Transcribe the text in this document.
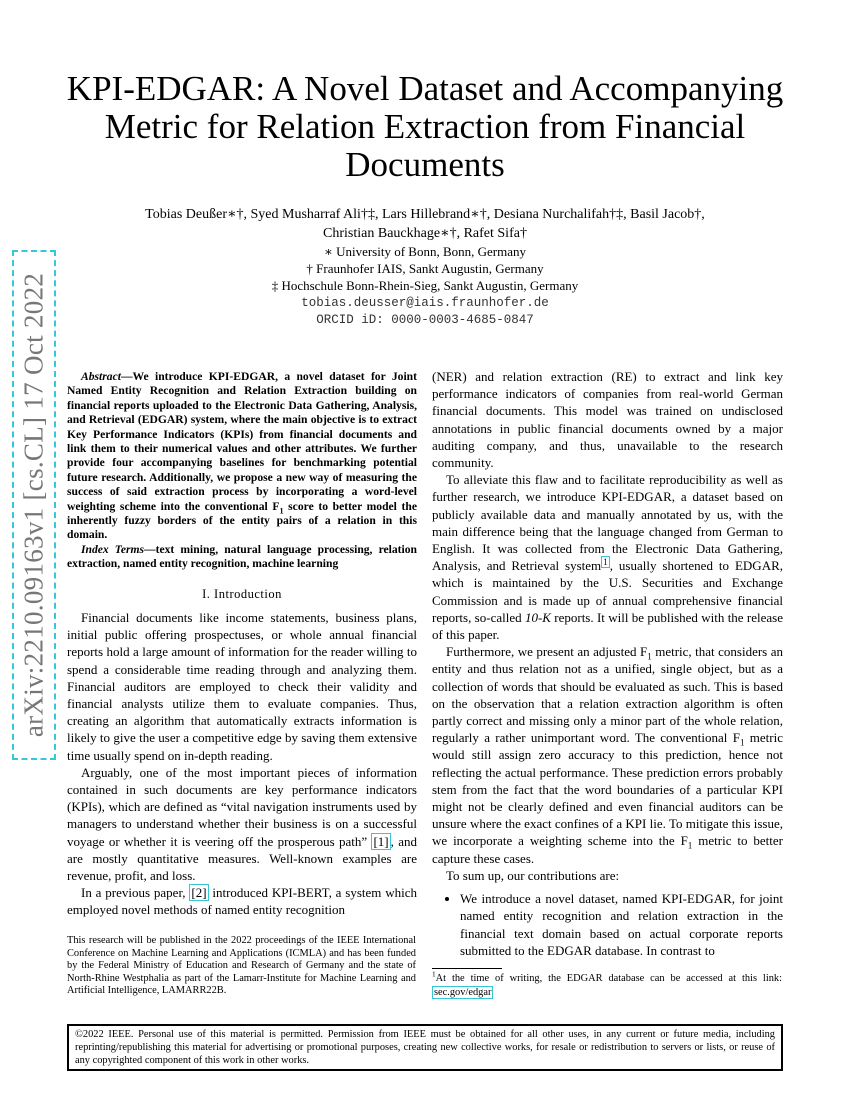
KPI-EDGAR: A Novel Dataset and Accompanying Metric for Relation Extraction from Financial Documents
Tobias Deußer∗†, Syed Musharraf Ali†‡, Lars Hillebrand∗†, Desiana Nurchalifah†‡, Basil Jacob†,
Christian Bauckhage∗†, Rafet Sifa†
∗ University of Bonn, Bonn, Germany
† Fraunhofer IAIS, Sankt Augustin, Germany
‡ Hochschule Bonn-Rhein-Sieg, Sankt Augustin, Germany
tobias.deusser@iais.fraunhofer.de
ORCID iD: 0000-0003-4685-0847
arXiv:2210.09163v1 [cs.CL] 17 Oct 2022	Abstract—We introduce KPI-EDGAR, a novel dataset for Joint Named Entity Recognition and Relation Extraction building on financial reports uploaded to the Electronic Data Gathering, Analysis, and Retrieval (EDGAR) system, where the main objective is to extract Key Performance Indicators (KPIs) from financial documents and link them to their numerical values and other attributes. We further provide four accompanying baselines for benchmarking potential future research. Additionally, we propose a new way of measuring the success of said extraction process by incorporating a word-level weighting scheme into the conventional $F_1$ score to better model the inherently fuzzy borders of the entity pairs of a relation in this domain.

Index Terms—text mining, natural language processing, relation extraction, named entity recognition, machine learning

I. Introduction

Financial documents like income statements, business plans, initial public offering prospectuses, or whole annual financial reports hold a large amount of information for the reader willing to spend a considerable time reading through and analyzing them. Financial auditors are employed to check their validity and financial analysts utilize them to evaluate companies. Thus, creating an algorithm that automatically extracts information is likely to give the user a competitive edge by saving them extensive time usually spend on in-depth reading.

Arguably, one of the most important pieces of information contained in such documents are key performance indicators (KPIs), which are defined as “vital navigation instruments used by managers to understand whether their business is on a successful voyage or whether it is veering off the prosperous path” [1] , and are mostly quantitative measures. Well-known examples are revenue, profit, and loss.

In a previous paper, [2] introduced KPI-BERT, a system which employed novel methods of named entity recognition

This research will be published in the 2022 proceedings of the IEEE International Conference on Machine Learning and Applications (ICMLA) and has been funded by the Federal Ministry of Education and Research of Germany and the state of North-Rhine Westphalia as part of the Lamarr-Institute for Machine Learning and Artificial Intelligence, LAMARR22B.

(NER) and relation extraction (RE) to extract and link key performance indicators of companies from real-world German financial documents. This model was trained on undisclosed annotations in public financial documents owned by a major auditing company, and thus, unavailable to the research community.

To alleviate this flaw and to facilitate reproducibility as well as further research, we introduce KPI-EDGAR, a dataset based on publicly available data and manually annotated by us, with the main difference being that the language changed from German to English. It was collected from the Electronic Data Gathering, Analysis, and Retrieval system $^1$ , usually shortened to EDGAR, which is maintained by the U.S. Securities and Exchange Commission and is made up of annual comprehensive financial reports, so-called 10-K reports. It will be published with the release of this paper.

Furthermore, we present an adjusted $F_1$ metric, that considers an entity and thus relation not as a unified, single object, but as a collection of words that should be evaluated as such. This is based on the observation that a relation extraction algorithm is often partly correct and missing only a minor part of the whole relation, regularly a rather unimportant word. The conventional $F_1$ metric would still assign zero accuracy to this prediction, hence not reflecting the actual performance. These prediction errors probably stem from the fact that the word boundaries of a particular KPI might not be clearly defined and even financial auditors can be unsure where the exact confines of a KPI lie. To mitigate this issue, we incorporate a weighting scheme into the $F_1$ metric to better capture these cases.

To sum up, our contributions are:

• We introduce a novel dataset, named KPI-EDGAR, for joint named entity recognition and relation extraction in the financial text domain based on actual corporate reports submitted to the EDGAR database. In contrast to
$^1$At the time of writing, the EDGAR database can be accessed at this link: sec.gov/edgar
©2022 IEEE. Personal use of this material is permitted. Permission from IEEE must be obtained for all other uses, in any current or future media, including reprinting/republishing this material for advertising or promotional purposes, creating new collective works, for resale or redistribution to servers or lists, or reuse of any copyrighted component of this work in other works.
